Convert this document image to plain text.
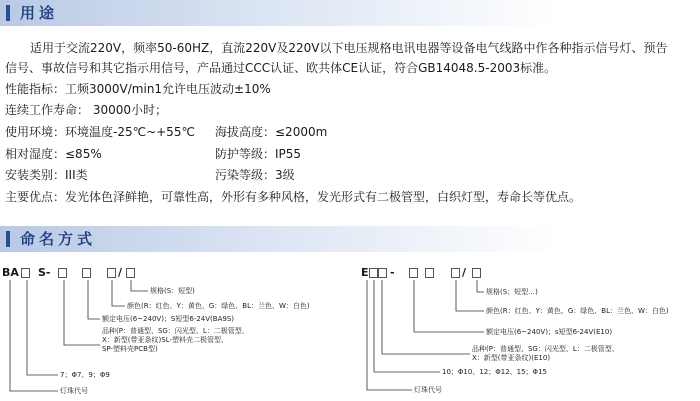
用途
适用于交流220V，频率50-60HZ，直流220V及220V以下电压规格电讯电器等设备电气线路中作各种指示信号灯、预告
信号、事故信号和其它指示用信号，产品通过CCC认证、欧共体CE认证，符合GB14048.5-2003标准。
性能指标：工频3000V/min1允许电压波动±10%
连续工作寿命： 30000小时；
使用环境：环境温度-25℃~+55℃ 海拔高度：≤2000m
相对湿度：≤85%	防护等级：IP55
安装类别：III类	污染等级：3级
主要优点：发光体色泽鲜艳，可靠性高，外形有多种风格，发光形式有二极管型，白织灯型，寿命长等优点。
命名方式
BA S-	/
规格(S：短型)
颜色(R：红色、Y：黄色、G：绿色、BL：兰色、W：白色)
额定电压(6~240V)；S短型6-24V(BA9S)
品种(P：普通型、SG：闪光型、L：二极管型、
X：新型(带亚条纹)SL-塑料壳二极管型、
SP-塑料壳PCB型)
7；Φ7、9；Φ9
灯珠代号
E -	/
规格(S；短型…)
颜色(R：红色、Y：黄色、G：绿色、BL：兰色、W：白色)
额定电压(6~240V)；s短型6-24V(E10)
品种(P：普通型、SG：闪光型、L：二极管型、
X：新型(带亚条纹)(E10)
10；Φ10、12；Φ12、15；Φ15
灯珠代号
